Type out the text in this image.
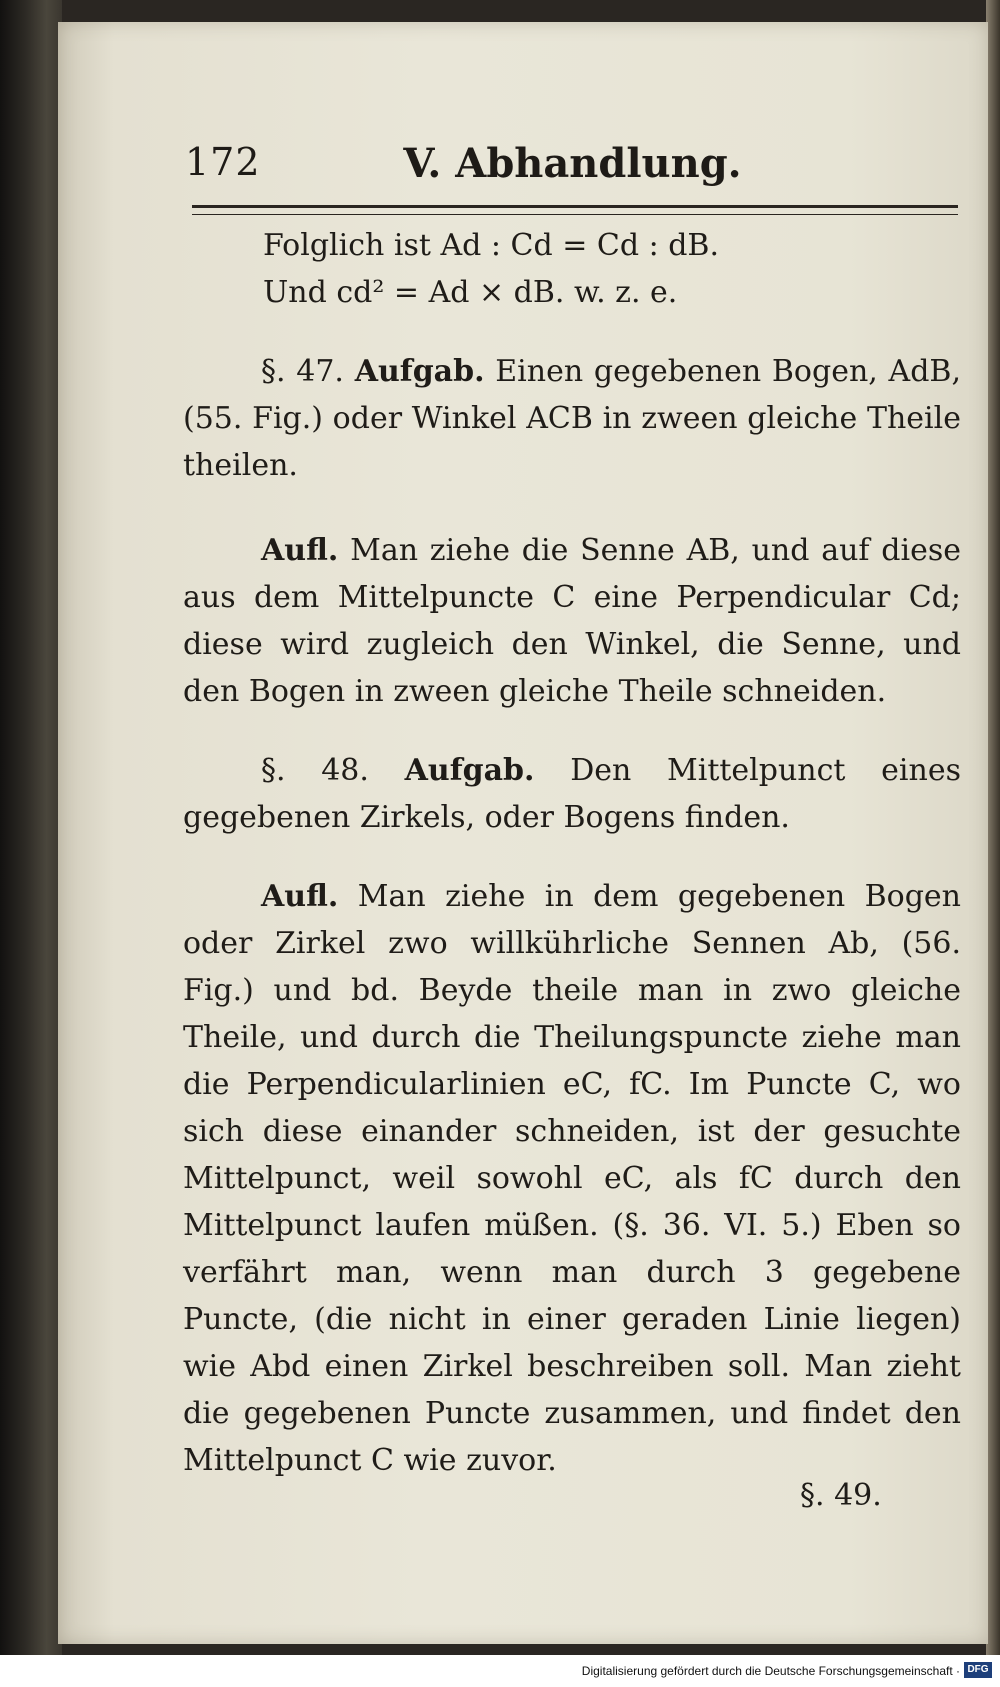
172	V. Abhandlung.

Folglich ist Ad : Cd = Cd : dB.

Und cd² = Ad × dB. w. z. e.

§. 47. Aufgab. Einen gegebenen Bogen, AdB, (55. Fig.) oder Winkel ACB in zween gleiche Theile theilen.

Aufl. Man ziehe die Senne AB, und auf diese aus dem Mittelpuncte C eine Perpendicular Cd; diese wird zugleich den Winkel, die Senne, und den Bogen in zween gleiche Theile schneiden.

§. 48. Aufgab. Den Mittelpunct eines gegebenen Zirkels, oder Bogens finden.

Aufl. Man ziehe in dem gegebenen Bogen oder Zirkel zwo willkührliche Sennen Ab, (56. Fig.) und bd. Beyde theile man in zwo gleiche Theile, und durch die Theilungspuncte ziehe man die Perpendicularlinien eC, fC. Im Puncte C, wo sich diese einander schneiden, ist der gesuchte Mittelpunct, weil sowohl eC, als fC durch den Mittelpunct laufen müßen. (§. 36. VI. 5.) Eben so verfährt man, wenn man durch 3 gegebene Puncte, (die nicht in einer geraden Linie liegen) wie Abd einen Zirkel beschreiben soll. Man zieht die gegebenen Puncte zusammen, und findet den Mittelpunct C wie zuvor.

§. 49.
Digitalisierung gefördert durch die Deutsche Forschungsgemeinschaft · DFG
